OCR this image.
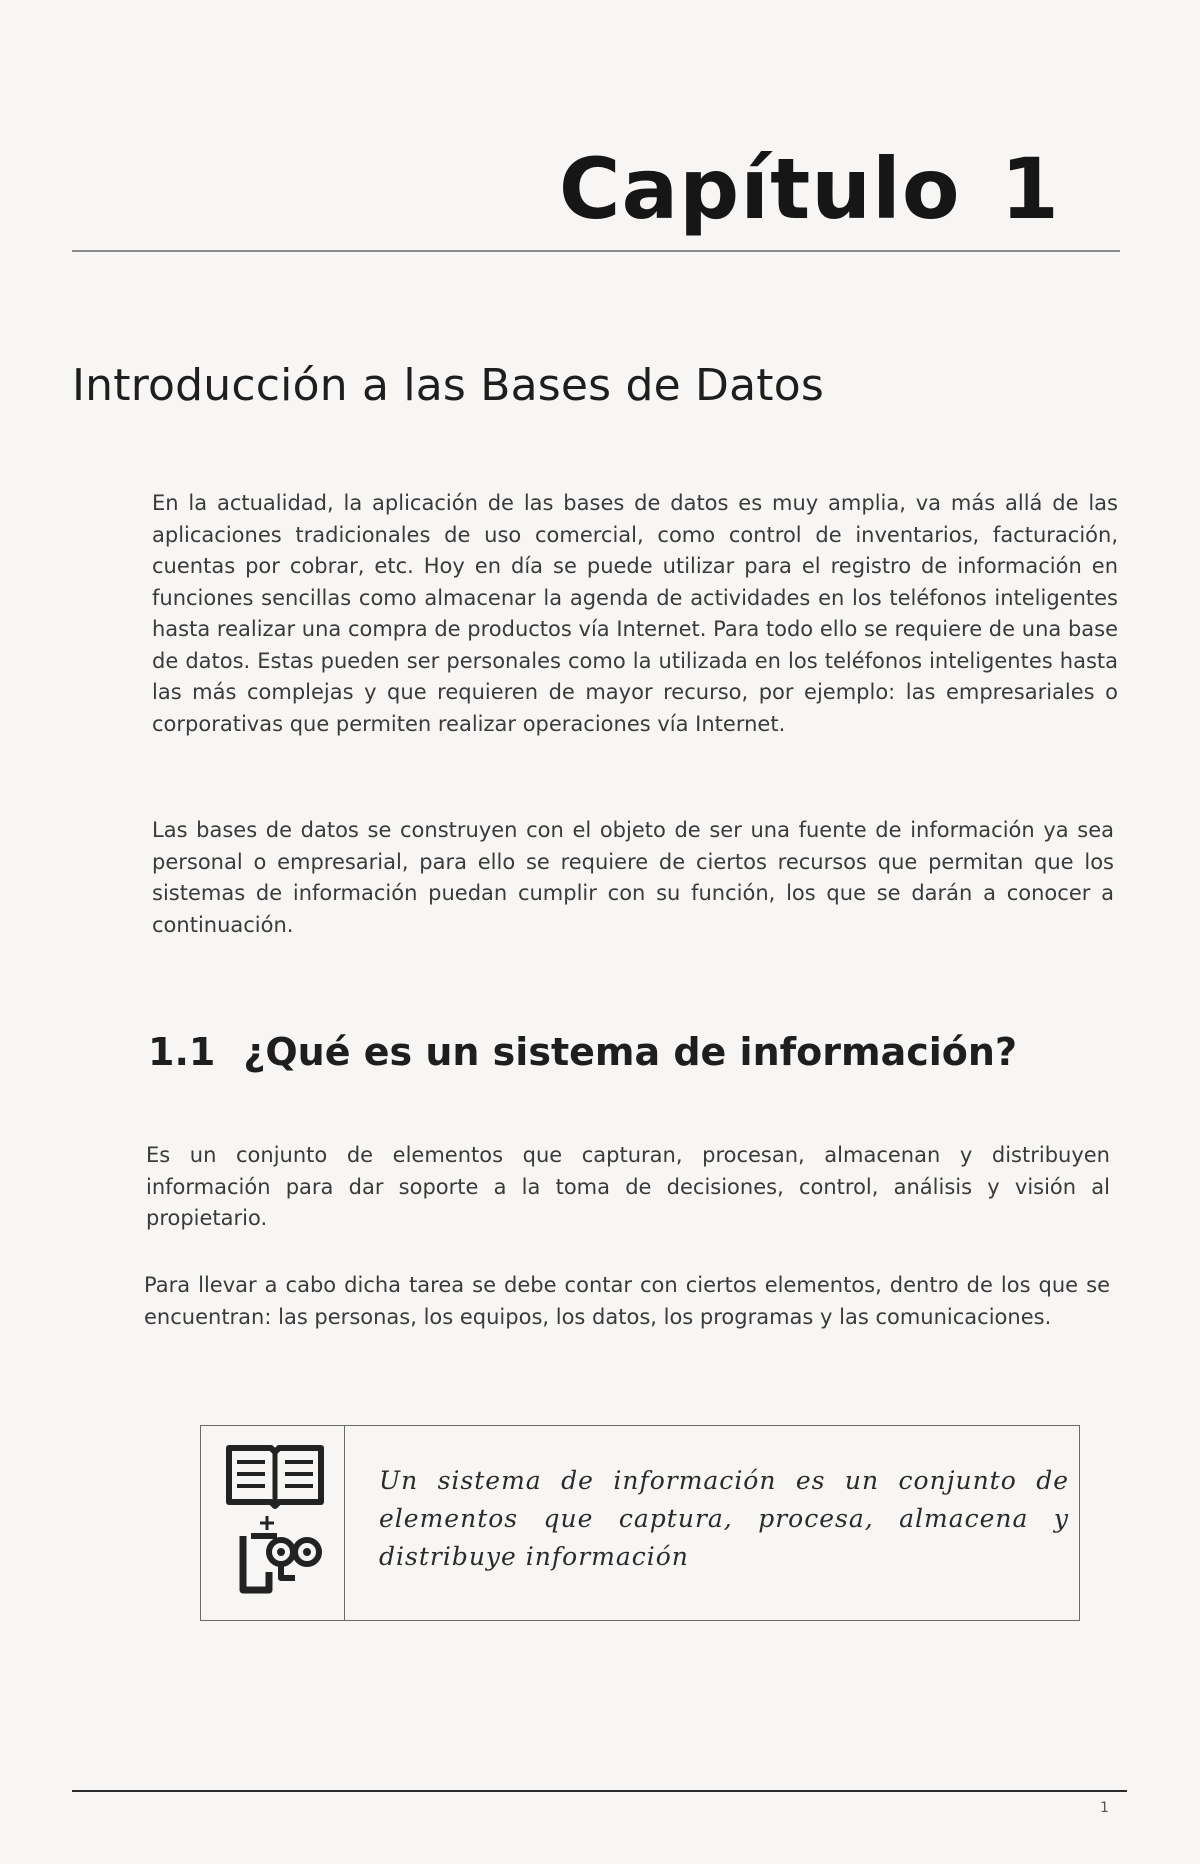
Capítulo 1
Introducción a las Bases de Datos

En la actualidad, la aplicación de las bases de datos es muy amplia, va más allá de las aplicaciones tradicionales de uso comercial, como control de inventarios, facturación, cuentas por cobrar, etc. Hoy en día se puede utilizar para el registro de información en funciones sencillas como almacenar la agenda de actividades en los teléfonos inteligentes hasta realizar una compra de productos vía Internet. Para todo ello se requiere de una base de datos. Estas pueden ser personales como la utilizada en los teléfonos inteligentes hasta las más complejas y que requieren de mayor recurso, por ejemplo: las empresariales o corporativas que permiten realizar operaciones vía Internet.

Las bases de datos se construyen con el objeto de ser una fuente de información ya sea personal o empresarial, para ello se requiere de ciertos recursos que permitan que los sistemas de información puedan cumplir con su función, los que se darán a conocer a continuación.

1.1 ¿Qué es un sistema de información?

Es un conjunto de elementos que capturan, procesan, almacenan y distribuyen información para dar soporte a la toma de decisiones, control, análisis y visión al propietario.

Para llevar a cabo dicha tarea se debe contar con ciertos elementos, dentro de los que se encuentran: las personas, los equipos, los datos, los programas y las comunicaciones.

Un sistema de información es un conjunto de elementos que captura, procesa, almacena y distribuye información

1
